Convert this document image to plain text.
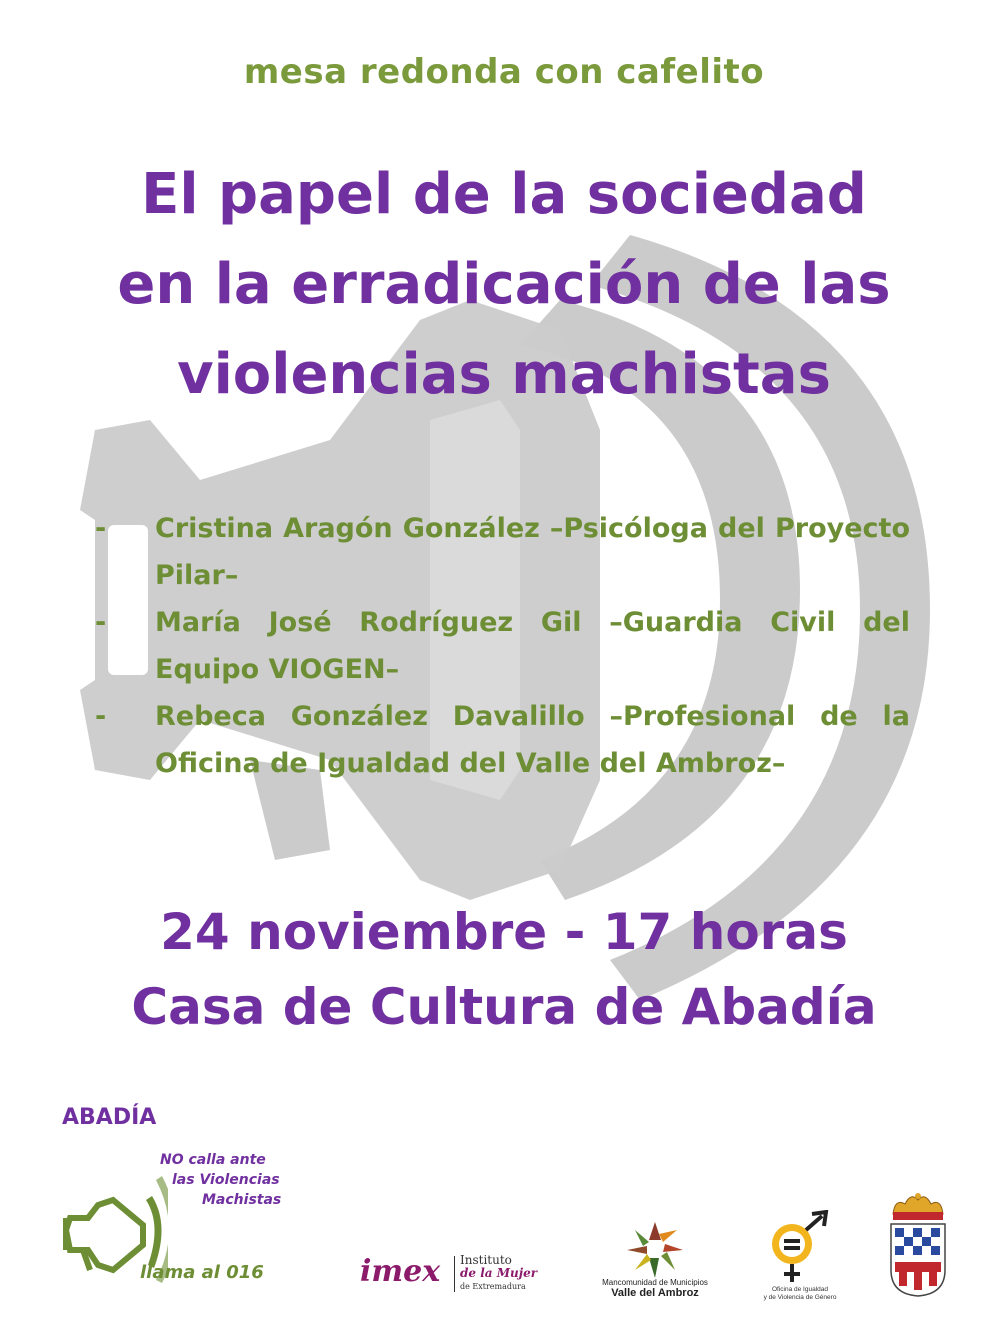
mesa redonda con cafelito
El papel de la sociedad
en la erradicación de las
violencias machistas
- Cristina Aragón González –Psicóloga del Proyecto Pilar–
- María José Rodríguez Gil –Guardia Civil del Equipo VIOGEN–
- Rebeca González Davalillo –Profesional de la Oficina de Igualdad del Valle del Ambroz–
24 noviembre - 17 horas
Casa de Cultura de Abadía
ABADÍA
NO calla ante
las Violencias
Machistas
llama al 016	imex Instituto
de la Mujer
de Extremadura	Mancomunidad de Municipios
Valle del Ambroz	Oficina de Igualdad
y de Violencia de Género
